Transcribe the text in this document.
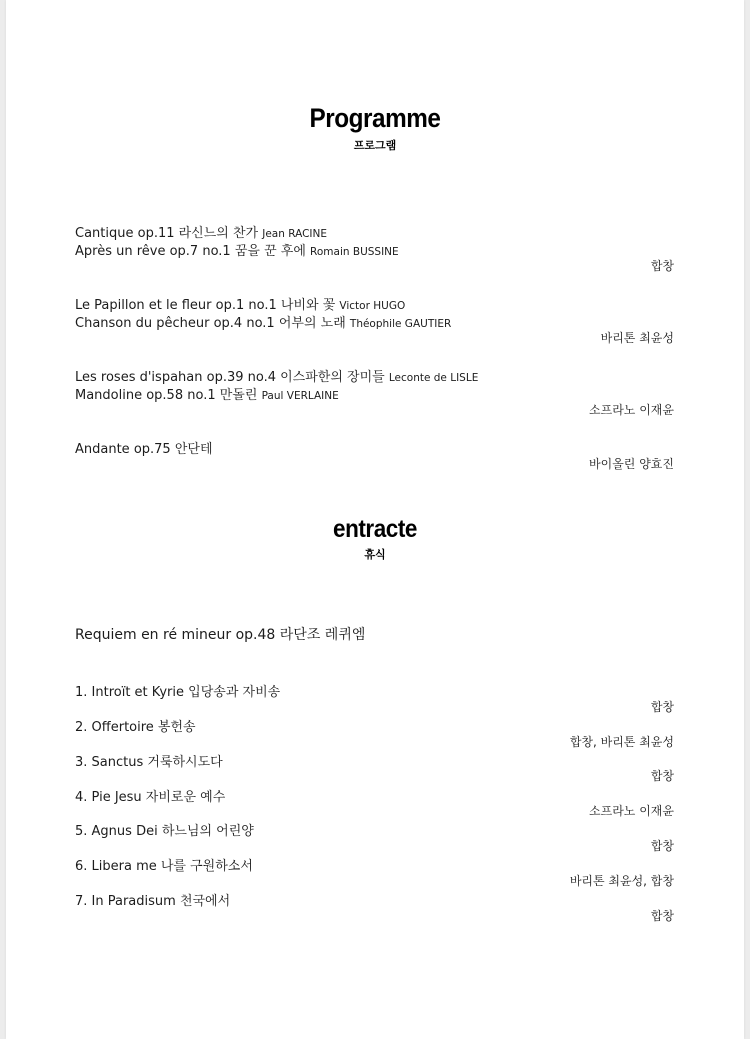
Programme
프로그램
Cantique op.11 라신느의 찬가 Jean RACINE
Après un rêve op.7 no.1 꿈을 꾼 후에 Romain BUSSINE
합창
Le Papillon et le fleur op.1 no.1 나비와 꽃 Victor HUGO
Chanson du pêcheur op.4 no.1 어부의 노래 Théophile GAUTIER
바리톤 최윤성
Les roses d'ispahan op.39 no.4 이스파한의 장미들 Leconte de LISLE
Mandoline op.58 no.1 만돌린 Paul VERLAINE
소프라노 이재윤
Andante op.75 안단테
바이올린 양효진
entracte
휴식
Requiem en ré mineur op.48 라단조 레퀴엠
1. Introït et Kyrie 입당송과 자비송
합창
2. Offertoire 봉헌송
합창, 바리톤 최윤성
3. Sanctus 거룩하시도다
합창
4. Pie Jesu 자비로운 예수
소프라노 이재윤
5. Agnus Dei 하느님의 어린양
합창
6. Libera me 나를 구원하소서
바리톤 최윤성, 합창
7. In Paradisum 천국에서
합창
